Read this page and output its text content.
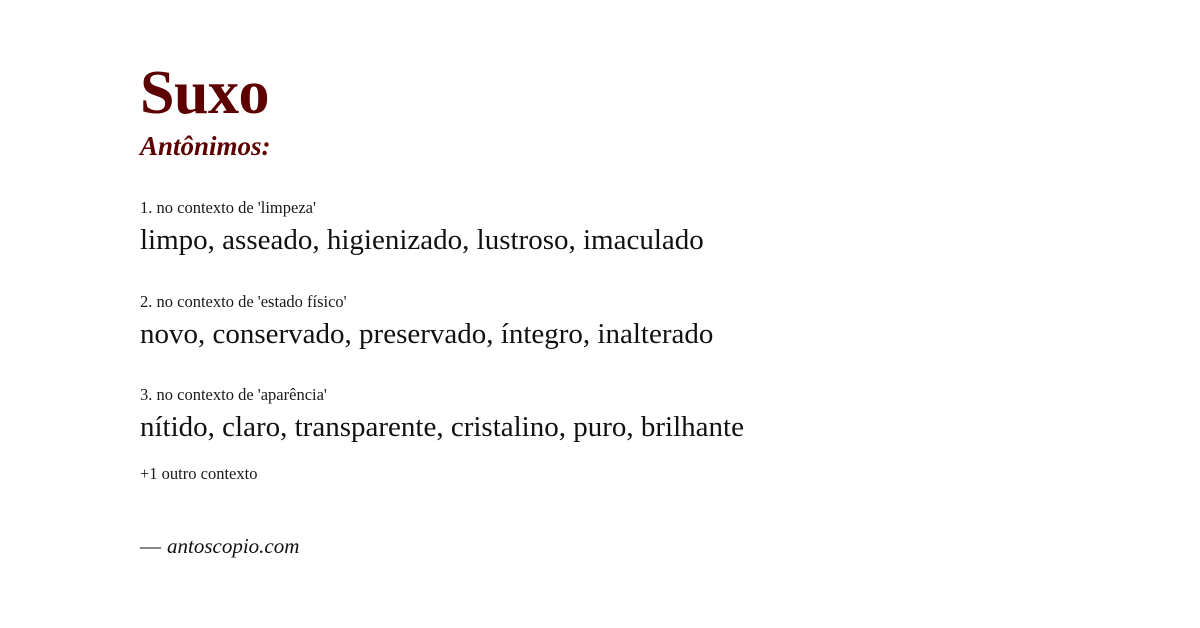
Suxo
Antônimos:

1. no contexto de 'limpeza'

limpo, asseado, higienizado, lustroso, imaculado

2. no contexto de 'estado físico'

novo, conservado, preservado, íntegro, inalterado

3. no contexto de 'aparência'

nítido, claro, transparente, cristalino, puro, brilhante

+1 outro contexto

— antoscopio.com
